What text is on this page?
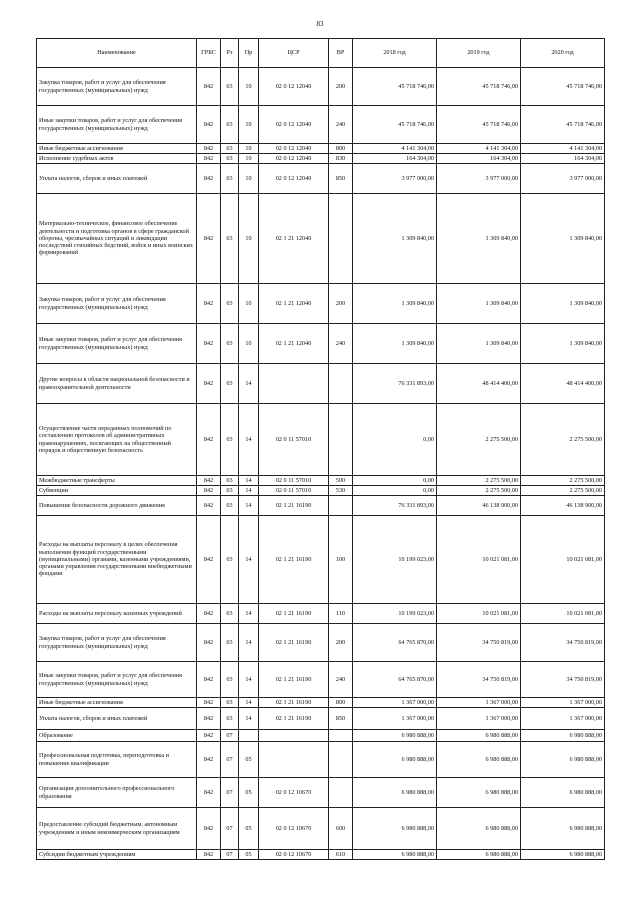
83
Наименование	ГРБС	Рз	Пр	ЦСР	ВР	2018 год	2019 год	2020 год
Закупка товаров, работ и услуг для обеспечения государственных (муниципальных) нужд	842	03	10	02 0 12 12040	200	45 718 746,00	45 718 746,00	45 718 746,00
Иные закупки товаров, работ и услуг для обеспечения государственных (муниципальных) нужд	842	03	10	02 0 12 12040	240	45 718 746,00	45 718 746,00	45 718 746,00
Иные бюджетные ассигнования	842	03	10	02 0 12 12040	800	4 141 304,00	4 141 304,00	4 141 304,00
Исполнение судебных актов	842	03	10	02 0 12 12040	830	164 304,00	164 304,00	164 304,00
Уплата налогов, сборов и иных платежей	842	03	10	02 0 12 12040	850	3 977 000,00	3 977 000,00	3 977 000,00
Материально-техническое, финансовое обеспечение деятельности и подготовка органов в сфере гражданской обороны, чрезвычайных ситуаций и ликвидации последствий стихийных бедствий, войск и иных воинских формирований	842	03	10	02 1 21 12040		1 309 840,00	1 309 840,00	1 309 840,00
Закупка товаров, работ и услуг для обеспечения государственных (муниципальных) нужд	842	03	10	02 1 21 12040	200	1 309 840,00	1 309 840,00	1 309 840,00
Иные закупки товаров, работ и услуг для обеспечения государственных (муниципальных) нужд	842	03	10	02 1 21 12040	240	1 309 840,00	1 309 840,00	1 309 840,00
Другие вопросы в области национальной безопасности и правоохранительной деятельности	842	03	14			76 331 893,00	48 414 400,00	48 414 400,00
Осуществление части переданных полномочий по составлению протоколов об административных правонарушениях, посягающих на общественный порядок и общественную безопасность	842	03	14	02 0 11 57010		0,00	2 275 500,00	2 275 500,00
Межбюджетные трансферты	842	03	14	02 0 11 57010	500	0,00	2 275 500,00	2 275 500,00
Субвенции	842	03	14	02 0 11 57010	530	0,00	2 275 500,00	2 275 500,00
Повышение безопасности дорожного движения	842	03	14	02 1 21 16190		76 331 893,00	46 138 900,00	46 138 900,00
Расходы на выплаты персоналу в целях обеспечения выполнения функций государственными (муниципальными) органами, казенными учреждениями, органами управления государственными внебюджетными фондами	842	03	14	02 1 21 16190	100	10 199 023,00	10 021 081,00	10 021 081,00
Расходы на выплаты персоналу казенных учреждений	842	03	14	02 1 21 16190	110	10 199 023,00	10 021 081,00	10 021 081,00
Закупка товаров, работ и услуг для обеспечения государственных (муниципальных) нужд	842	03	14	02 1 21 16190	200	64 765 870,00	34 750 819,00	34 750 819,00
Иные закупки товаров, работ и услуг для обеспечения государственных (муниципальных) нужд	842	03	14	02 1 21 16190	240	64 765 870,00	34 750 819,00	34 750 819,00
Иные бюджетные ассигнования	842	03	14	02 1 21 16190	800	1 367 000,00	1 367 000,00	1 367 000,00
Уплата налогов, сборов и иных платежей	842	03	14	02 1 21 16190	850	1 367 000,00	1 367 000,00	1 367 000,00
Образование	842	07				6 980 888,00	6 980 888,00	6 980 888,00
Профессиональная подготовка, переподготовка и повышение квалификации	842	07	05			6 980 888,00	6 980 888,00	6 980 888,00
Организации дополнительного профессионального образования	842	07	05	02 0 12 10670		6 980 888,00	6 980 888,00	6 980 888,00
Предоставление субсидий бюджетным, автономным учреждениям и иным некоммерческим организациям	842	07	05	02 0 12 10670	600	6 980 888,00	6 980 888,00	6 980 888,00
Субсидии бюджетным учреждениям	842	07	05	02 0 12 10670	610	6 980 888,00	6 980 888,00	6 980 888,00
